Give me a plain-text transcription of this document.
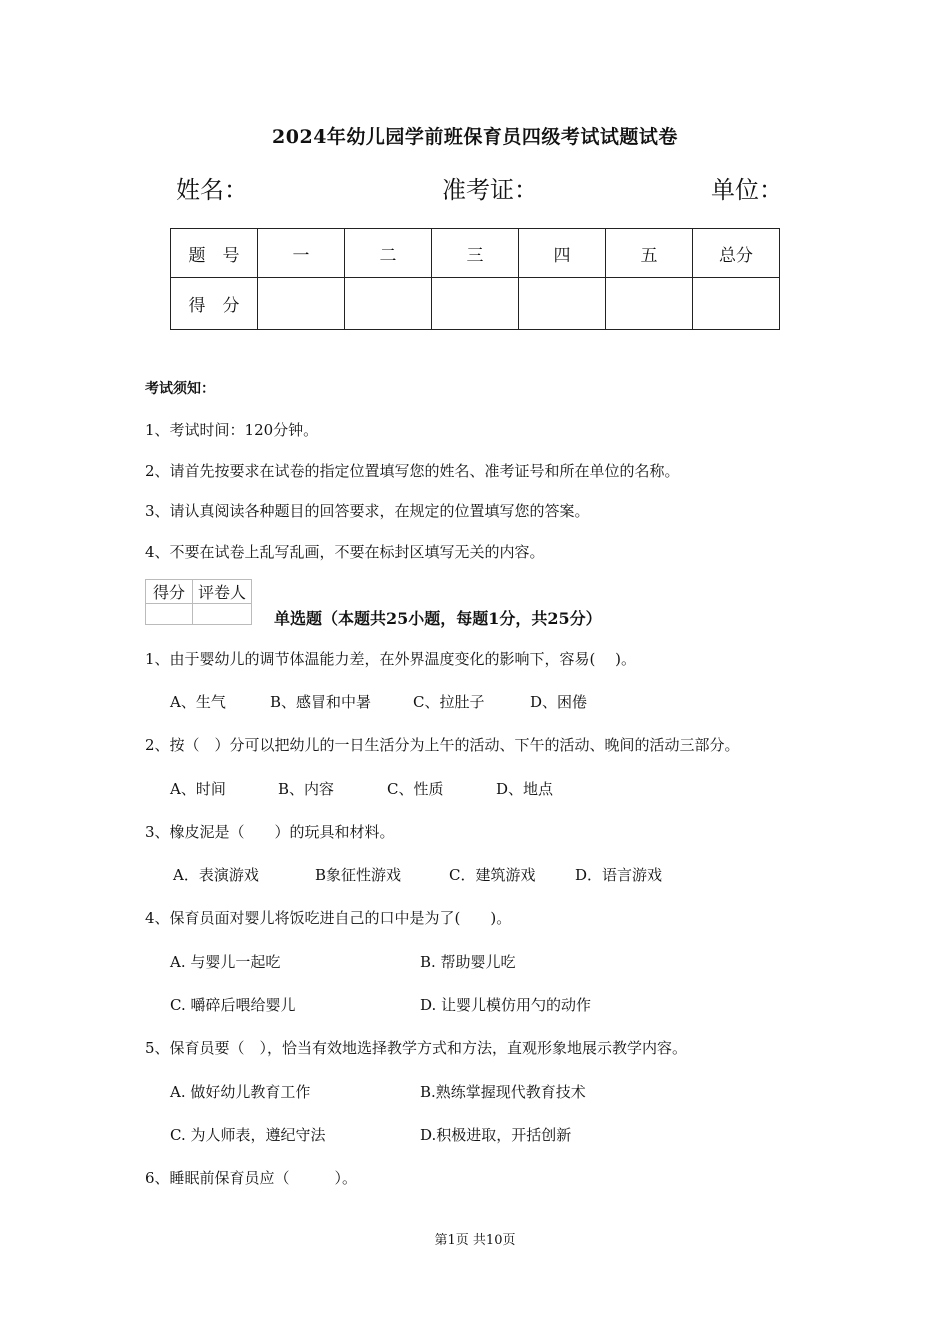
2024年幼儿园学前班保育员四级考试试题试卷
姓名：	准考证：	单位：
题　号	一	二	三	四	五	总分
得　分						
考试须知：
1、考试时间：120分钟。
2、请首先按要求在试卷的指定位置填写您的姓名、准考证号和所在单位的名称。
3、请认真阅读各种题目的回答要求，在规定的位置填写您的答案。
4、不要在试卷上乱写乱画，不要在标封区填写无关的内容。
得分	评卷人

单选题（本题共25小题，每题1分，共25分）
1、由于婴幼儿的调节体温能力差，在外界温度变化的影响下，容易(　 )。
A、生气	B、感冒和中暑	C、拉肚子	D、困倦
2、按（　）分可以把幼儿的一日生活分为上午的活动、下午的活动、晚间的活动三部分。
A、时间	B、内容	C、性质	D、地点
3、橡皮泥是（　　）的玩具和材料。
A．表演游戏	B象征性游戏	C．建筑游戏	D．语言游戏
4、保育员面对婴儿将饭吃进自己的口中是为了(　　)。
A. 与婴儿一起吃	B. 帮助婴儿吃
C. 嚼碎后喂给婴儿	D. 让婴儿模仿用勺的动作
5、保育员要（　），恰当有效地选择教学方式和方法，直观形象地展示教学内容。
A. 做好幼儿教育工作	B.熟练掌握现代教育技术
C. 为人师表，遵纪守法	D.积极进取，开括创新
6、睡眠前保育员应（　　　）。
第1页 共10页
